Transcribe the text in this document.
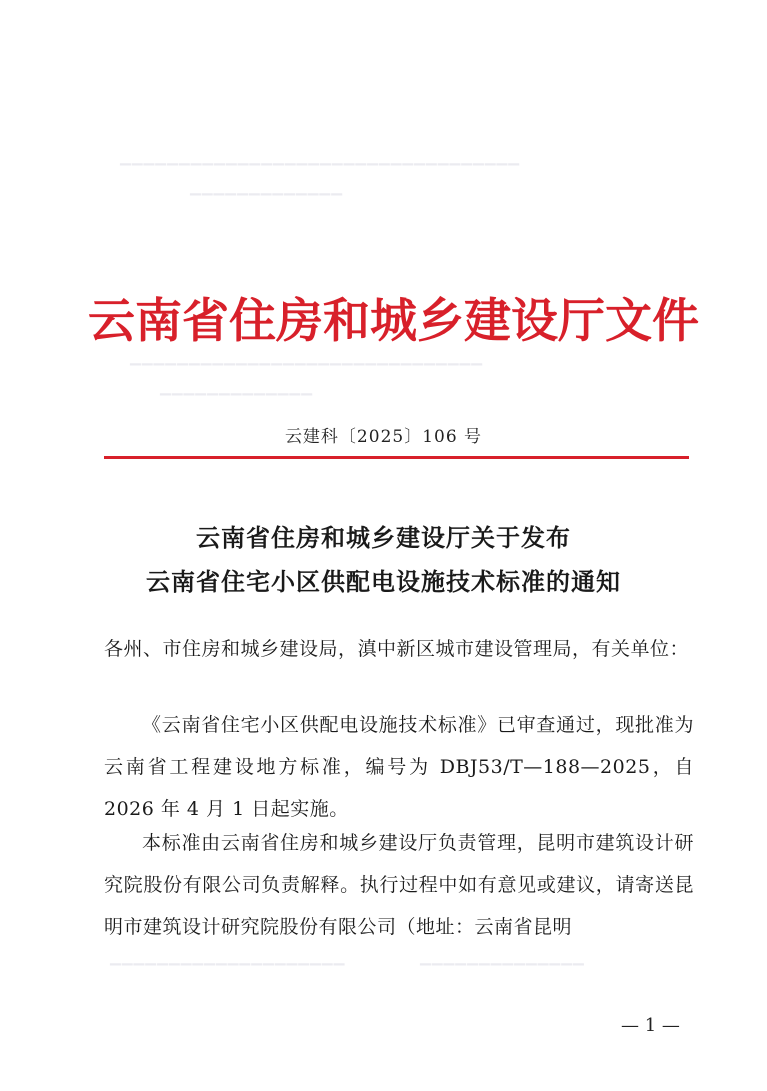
▁▁▁▁▁▁▁▁▁▁▁▁▁▁▁▁▁▁▁▁▁▁▁▁▁▁▁▁▁▁▁▁▁▁
▁▁▁▁▁▁▁▁▁▁▁▁▁
▁▁▁▁▁▁▁▁▁▁▁▁▁▁▁▁▁▁▁▁▁▁▁▁▁▁▁▁▁▁
▁▁▁▁▁▁▁▁▁▁▁▁▁
▁▁▁▁▁▁▁▁▁▁▁▁▁▁▁▁▁▁▁▁	▁▁▁▁▁▁▁▁▁▁▁▁▁▁
云南省住房和城乡建设厅文件
云建科〔2025〕106 号
云南省住房和城乡建设厅关于发布
云南省住宅小区供配电设施技术标准的通知
各州、市住房和城乡建设局，滇中新区城市建设管理局，有关单位：
《云南省住宅小区供配电设施技术标准》已审查通过，现批准为云南省工程建设地方标准，编号为 DBJ53/T—188—2025，自 2026 年 4 月 1 日起实施。
本标准由云南省住房和城乡建设厅负责管理，昆明市建筑设计研究院股份有限公司负责解释。执行过程中如有意见或建议，请寄送昆明市建筑设计研究院股份有限公司（地址：云南省昆明
— 1 —
